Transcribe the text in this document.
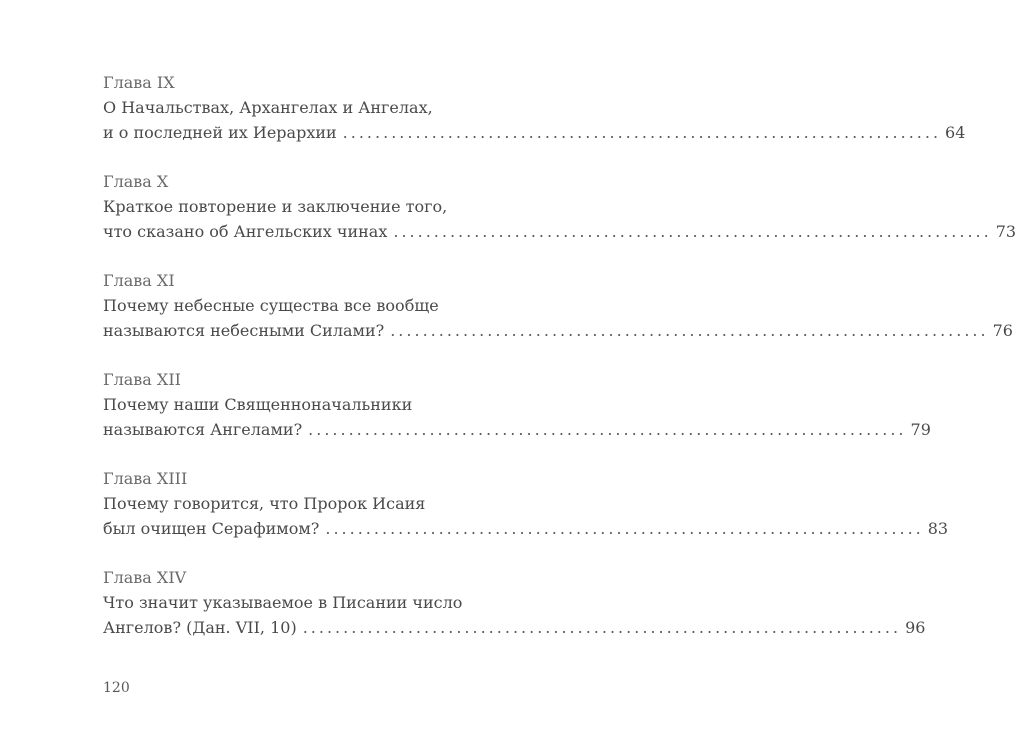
Глава IX
О Начальствах, Архангелах и Ангелах,
и о последней их Иерархии .......................................................................... 64
Глава X
Краткое повторение и заключение того,
что сказано об Ангельских чинах .......................................................................... 73
Глава XI
Почему небесные существа все вообще
называются небесными Силами? .......................................................................... 76
Глава XII
Почему наши Священноначальники
называются Ангелами? .......................................................................... 79
Глава XIII
Почему говорится, что Пророк Исаия
был очищен Серафимом? .......................................................................... 83
Глава XIV
Что значит указываемое в Писании число
Ангелов? (Дан. VII, 10) .......................................................................... 96
120
